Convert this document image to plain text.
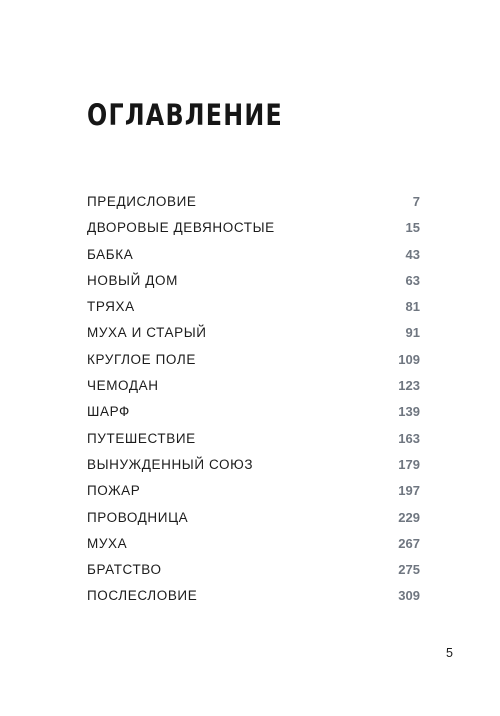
ОГЛАВЛЕНИЕ
ПРЕДИСЛОВИЕ	7
ДВОРОВЫЕ ДЕВЯНОСТЫЕ	15
БАБКА	43
НОВЫЙ ДОМ	63
ТРЯХА	81
МУХА И СТАРЫЙ	91
КРУГЛОЕ ПОЛЕ	109
ЧЕМОДАН	123
ШАРФ	139
ПУТЕШЕСТВИЕ	163
ВЫНУЖДЕННЫЙ СОЮЗ	179
ПОЖАР	197
ПРОВОДНИЦА	229
МУХА	267
БРАТСТВО	275
ПОСЛЕСЛОВИЕ	309
5
